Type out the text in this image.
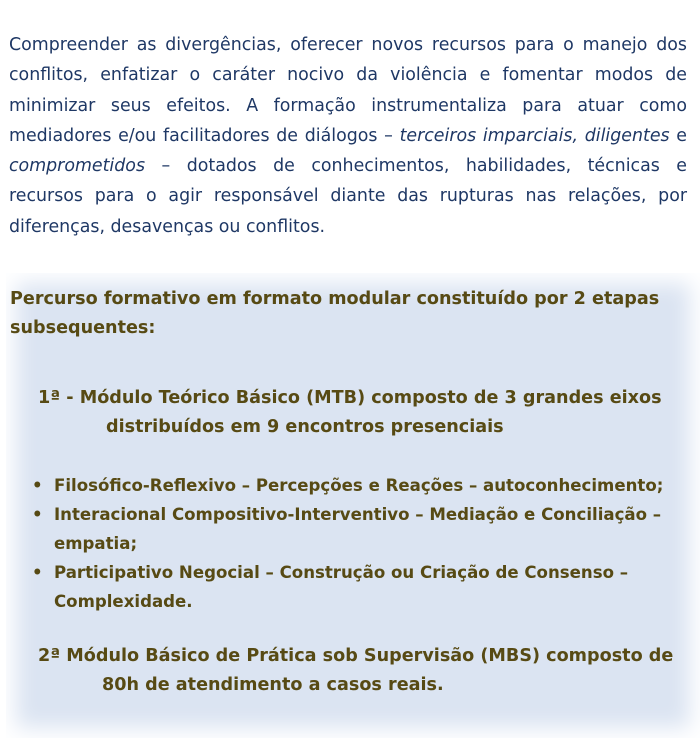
Compreender as divergências, oferecer novos recursos para o manejo dos conflitos, enfatizar o caráter nocivo da violência e fomentar modos de minimizar seus efeitos. A formação instrumentaliza para atuar como mediadores e/ou facilitadores de diálogos – terceiros imparciais, diligentes e comprometidos – dotados de conhecimentos, habilidades, técnicas e recursos para o agir responsável diante das rupturas nas relações, por diferenças, desavenças ou conflitos.
Percurso formativo em formato modular constituído por 2 etapas subsequentes:
1ª - Módulo Teórico Básico (MTB) composto de 3 grandes eixos
distribuídos em 9 encontros presenciais
• Filosófico-Reflexivo – Percepções e Reações – autoconhecimento;
• Interacional Compositivo-Interventivo – Mediação e Conciliação – empatia;
• Participativo Negocial – Construção ou Criação de Consenso – Complexidade.
2ª Módulo Básico de Prática sob Supervisão (MBS) composto de
80h de atendimento a casos reais.
